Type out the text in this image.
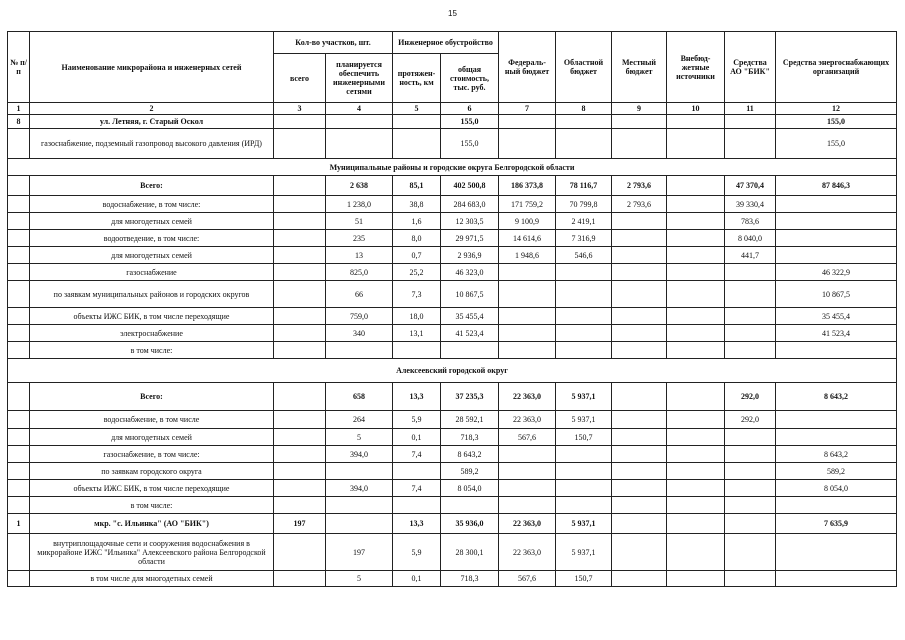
15
№ п/п	Наименование микрорайона и инженерных сетей	Кол-во участков, шт.		Инженерное обустройство		Федераль-ный бюджет	Областной бюджет	Местный бюджет	Внебюд-жетные источники	Средства АО "БИК"	Средства энергоснабжающих организаций
		всего	планируется обеспечить инженерными сетями	протяжен-ность, км	общая стоимость, тыс. руб.						
1	2	3	4	5	6	7	8	9	10	11	12
8	ул. Летняя, г. Старый Оскол				155,0						155,0
	газоснабжение, подземный газопровод высокого давления (ИРД)				155,0						155,0
Муниципальные районы и городские округа Белгородской области											
	Всего:		2 638	85,1	402 500,8	186 373,8	78 116,7	2 793,6		47 370,4	87 846,3
	водоснабжение, в том числе:		1 238,0	38,8	284 683,0	171 759,2	70 799,8	2 793,6		39 330,4	
	для многодетных семей		51	1,6	12 303,5	9 100,9	2 419,1			783,6	
	водоотведение, в том числе:		235	8,0	29 971,5	14 614,6	7 316,9			8 040,0	
	для многодетных семей		13	0,7	2 936,9	1 948,6	546,6			441,7	
	газоснабжение		825,0	25,2	46 323,0						46 322,9
	по заявкам муниципальных районов и городских округов		66	7,3	10 867,5						10 867,5
	объекты ИЖС БИК, в том числе переходящие		759,0	18,0	35 455,4						35 455,4
	электроснабжение		340	13,1	41 523,4						41 523,4
	в том числе:										
Алексеевский городской округ											
	Всего:		658	13,3	37 235,3	22 363,0	5 937,1			292,0	8 643,2
	водоснабжение, в том числе		264	5,9	28 592,1	22 363,0	5 937,1			292,0	
	для многодетных семей		5	0,1	718,3	567,6	150,7				
	газоснабжение, в том числе:		394,0	7,4	8 643,2						8 643,2
	по заявкам городского округа				589,2						589,2
	объекты ИЖС БИК, в том числе переходящие		394,0	7,4	8 054,0						8 054,0
	в том числе:										
1	мкр. "с. Ильинка" (АО "БИК")	197		13,3	35 936,0	22 363,0	5 937,1				7 635,9
	внутриплощадочные сети и сооружения водоснабжения в микрорайоне ИЖС "Ильинка" Алексеевского района Белгородской области		197	5,9	28 300,1	22 363,0	5 937,1				
	в том числе для многодетных семей		5	0,1	718,3	567,6	150,7				
